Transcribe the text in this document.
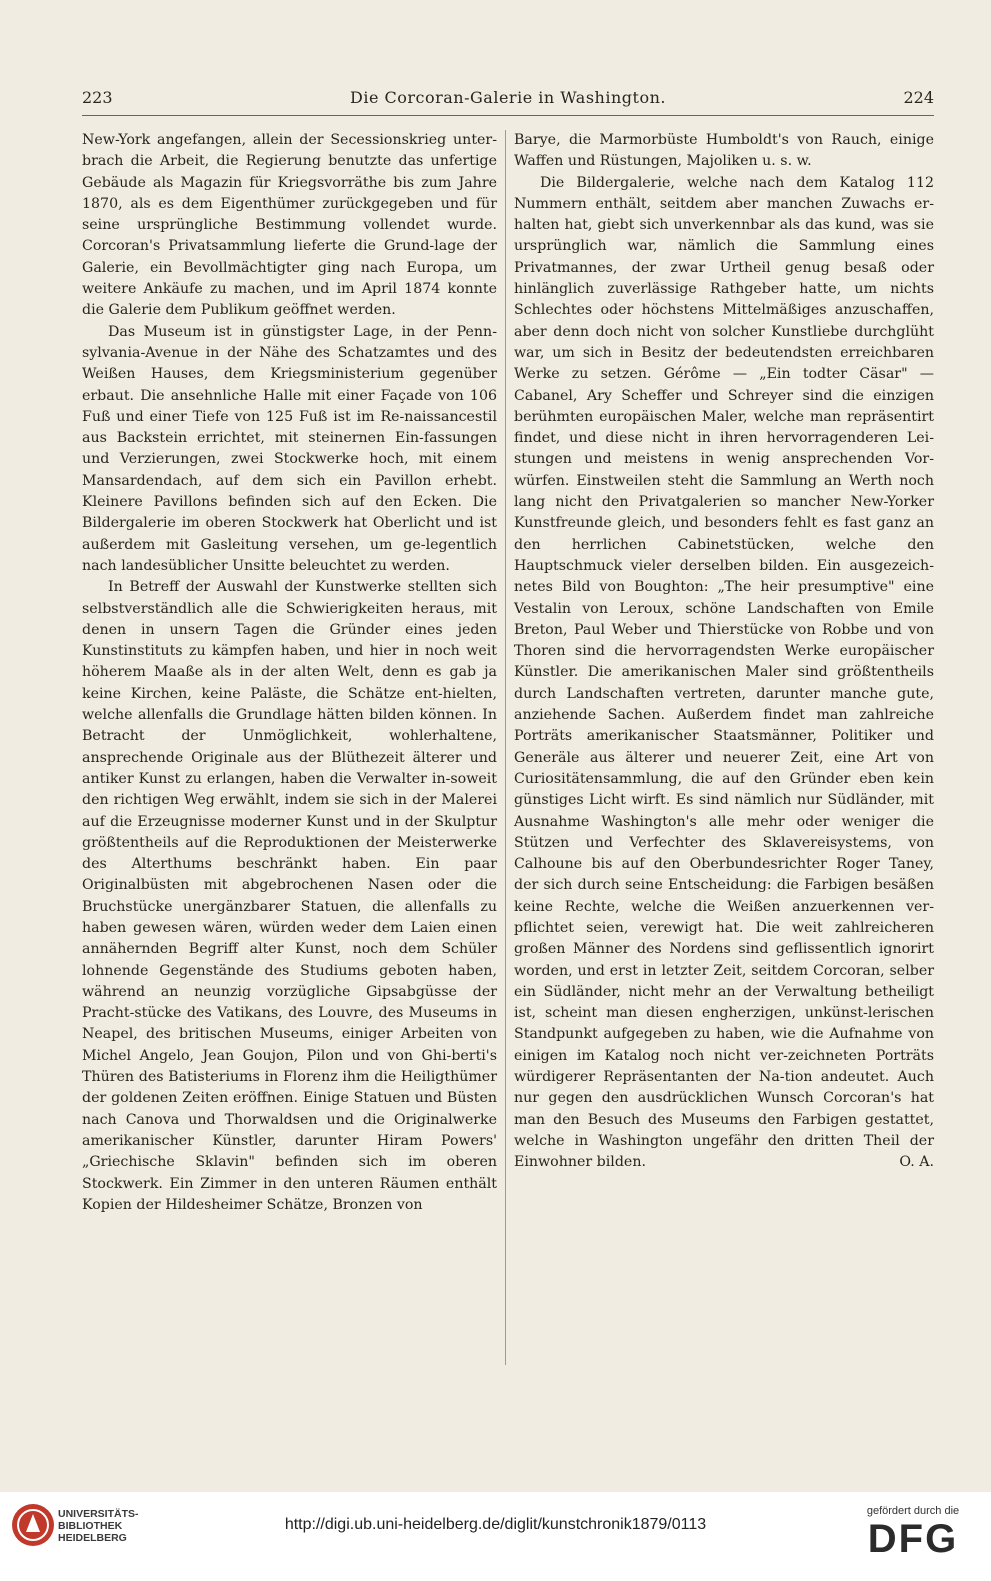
223	Die Corcoran-Galerie in Washington.	224

New-York angefangen, allein der Secessionskrieg unter-brach die Arbeit, die Regierung benutzte das unfertige Gebäude als Magazin für Kriegsvorräthe bis zum Jahre 1870, als es dem Eigenthümer zurückgegeben und für seine ursprüngliche Bestimmung vollendet wurde. Corcoran's Privatsammlung lieferte die Grund-lage der Galerie, ein Bevollmächtigter ging nach Europa, um weitere Ankäufe zu machen, und im April 1874 konnte die Galerie dem Publikum geöffnet werden.

Das Museum ist in günstigster Lage, in der Penn-sylvania-Avenue in der Nähe des Schatzamtes und des Weißen Hauses, dem Kriegsministerium gegenüber erbaut. Die ansehnliche Halle mit einer Façade von 106 Fuß und einer Tiefe von 125 Fuß ist im Re-naissancestil aus Backstein errichtet, mit steinernen Ein-fassungen und Verzierungen, zwei Stockwerke hoch, mit einem Mansardendach, auf dem sich ein Pavillon erhebt. Kleinere Pavillons befinden sich auf den Ecken. Die Bildergalerie im oberen Stockwerk hat Oberlicht und ist außerdem mit Gasleitung versehen, um ge-legentlich nach landesüblicher Unsitte beleuchtet zu werden.

In Betreff der Auswahl der Kunstwerke stellten sich selbstverständlich alle die Schwierigkeiten heraus, mit denen in unsern Tagen die Gründer eines jeden Kunstinstituts zu kämpfen haben, und hier in noch weit höherem Maaße als in der alten Welt, denn es gab ja keine Kirchen, keine Paläste, die Schätze ent-hielten, welche allenfalls die Grundlage hätten bilden können. In Betracht der Unmöglichkeit, wohlerhaltene, ansprechende Originale aus der Blüthezeit älterer und antiker Kunst zu erlangen, haben die Verwalter in-soweit den richtigen Weg erwählt, indem sie sich in der Malerei auf die Erzeugnisse moderner Kunst und in der Skulptur größtentheils auf die Reproduktionen der Meisterwerke des Alterthums beschränkt haben. Ein paar Originalbüsten mit abgebrochenen Nasen oder die Bruchstücke unergänzbarer Statuen, die allenfalls zu haben gewesen wären, würden weder dem Laien einen annähernden Begriff alter Kunst, noch dem Schüler lohnende Gegenstände des Studiums geboten haben, während an neunzig vorzügliche Gipsabgüsse der Pracht-stücke des Vatikans, des Louvre, des Museums in Neapel, des britischen Museums, einiger Arbeiten von Michel Angelo, Jean Goujon, Pilon und von Ghi-berti's Thüren des Batisteriums in Florenz ihm die Heiligthümer der goldenen Zeiten eröffnen. Einige Statuen und Büsten nach Canova und Thorwaldsen und die Originalwerke amerikanischer Künstler, darunter Hiram Powers' „Griechische Sklavin" befinden sich im oberen Stockwerk. Ein Zimmer in den unteren Räumen enthält Kopien der Hildesheimer Schätze, Bronzen von

Barye, die Marmorbüste Humboldt's von Rauch, einige Waffen und Rüstungen, Majoliken u. s. w.

Die Bildergalerie, welche nach dem Katalog 112 Nummern enthält, seitdem aber manchen Zuwachs er-halten hat, giebt sich unverkennbar als das kund, was sie ursprünglich war, nämlich die Sammlung eines Privatmannes, der zwar Urtheil genug besaß oder hinlänglich zuverlässige Rathgeber hatte, um nichts Schlechtes oder höchstens Mittelmäßiges anzuschaffen, aber denn doch nicht von solcher Kunstliebe durchglüht war, um sich in Besitz der bedeutendsten erreichbaren Werke zu setzen. Gérôme — „Ein todter Cäsar" — Cabanel, Ary Scheffer und Schreyer sind die einzigen berühmten europäischen Maler, welche man repräsentirt findet, und diese nicht in ihren hervorragenderen Lei-stungen und meistens in wenig ansprechenden Vor-würfen. Einstweilen steht die Sammlung an Werth noch lang nicht den Privatgalerien so mancher New-Yorker Kunstfreunde gleich, und besonders fehlt es fast ganz an den herrlichen Cabinetstücken, welche den Hauptschmuck vieler derselben bilden. Ein ausgezeich-netes Bild von Boughton: „The heir presumptive" eine Vestalin von Leroux, schöne Landschaften von Emile Breton, Paul Weber und Thierstücke von Robbe und von Thoren sind die hervorragendsten Werke europäischer Künstler. Die amerikanischen Maler sind größtentheils durch Landschaften vertreten, darunter manche gute, anziehende Sachen. Außerdem findet man zahlreiche Porträts amerikanischer Staatsmänner, Politiker und Generäle aus älterer und neuerer Zeit, eine Art von Curiositätensammlung, die auf den Gründer eben kein günstiges Licht wirft. Es sind nämlich nur Südländer, mit Ausnahme Washington's alle mehr oder weniger die Stützen und Verfechter des Sklavereisystems, von Calhoune bis auf den Oberbundesrichter Roger Taney, der sich durch seine Entscheidung: die Farbigen besäßen keine Rechte, welche die Weißen anzuerkennen ver-pflichtet seien, verewigt hat. Die weit zahlreicheren großen Männer des Nordens sind geflissentlich ignorirt worden, und erst in letzter Zeit, seitdem Corcoran, selber ein Südländer, nicht mehr an der Verwaltung betheiligt ist, scheint man diesen engherzigen, unkünst-lerischen Standpunkt aufgegeben zu haben, wie die Aufnahme von einigen im Katalog noch nicht ver-zeichneten Porträts würdigerer Repräsentanten der Na-tion andeutet. Auch nur gegen den ausdrücklichen Wunsch Corcoran's hat man den Besuch des Museums den Farbigen gestattet, welche in Washington ungefähr den dritten Theil der Einwohner bilden.	O. A.

UNIVERSITÄTS-
BIBLIOTHEK
HEIDELBERG
http://digi.ub.uni-heidelberg.de/diglit/kunstchronik1879/0113
gefördert durch die
DFG
